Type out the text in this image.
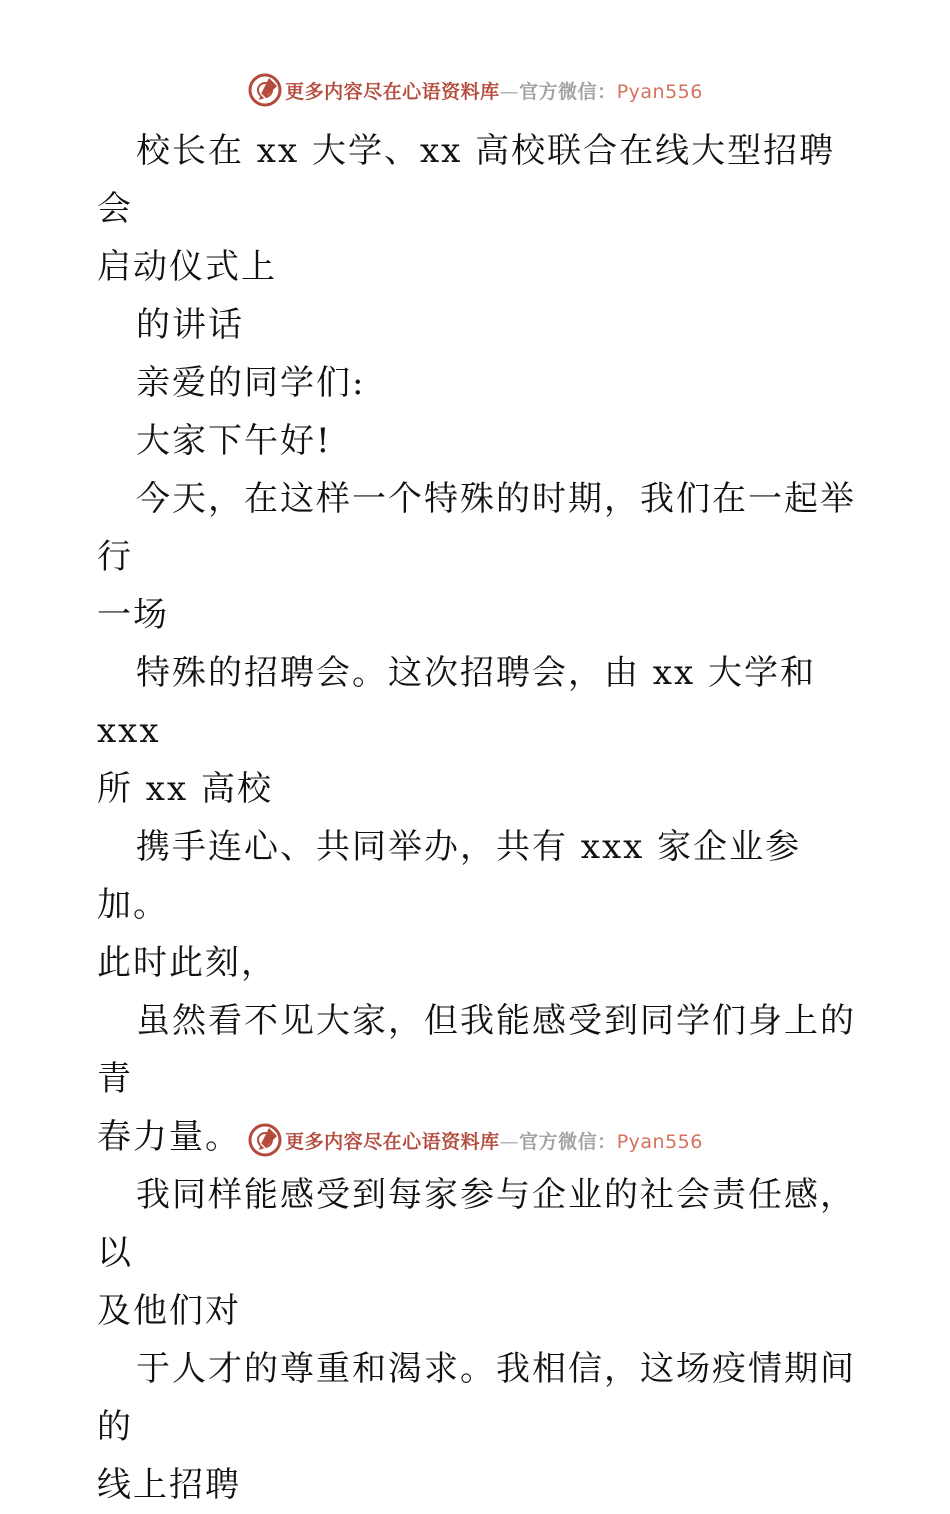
更多内容尽在心语资料库—官方微信：Pyan556

校长在 xx 大学、xx 高校联合在线大型招聘会
启动仪式上

的讲话

亲爱的同学们:

大家下午好!

今天，在这样一个特殊的时期，我们在一起举行
一场

特殊的招聘会。这次招聘会，由 xx 大学和 xxx
所 xx 高校

携手连心、共同举办，共有 xxx 家企业参加。
此时此刻，

虽然看不见大家，但我能感受到同学们身上的青
春力量。

我同样能感受到每家参与企业的社会责任感，以
及他们对

于人才的尊重和渴求。我相信，这场疫情期间的
线上招聘

更多内容尽在心语资料库—官方微信：Pyan556
